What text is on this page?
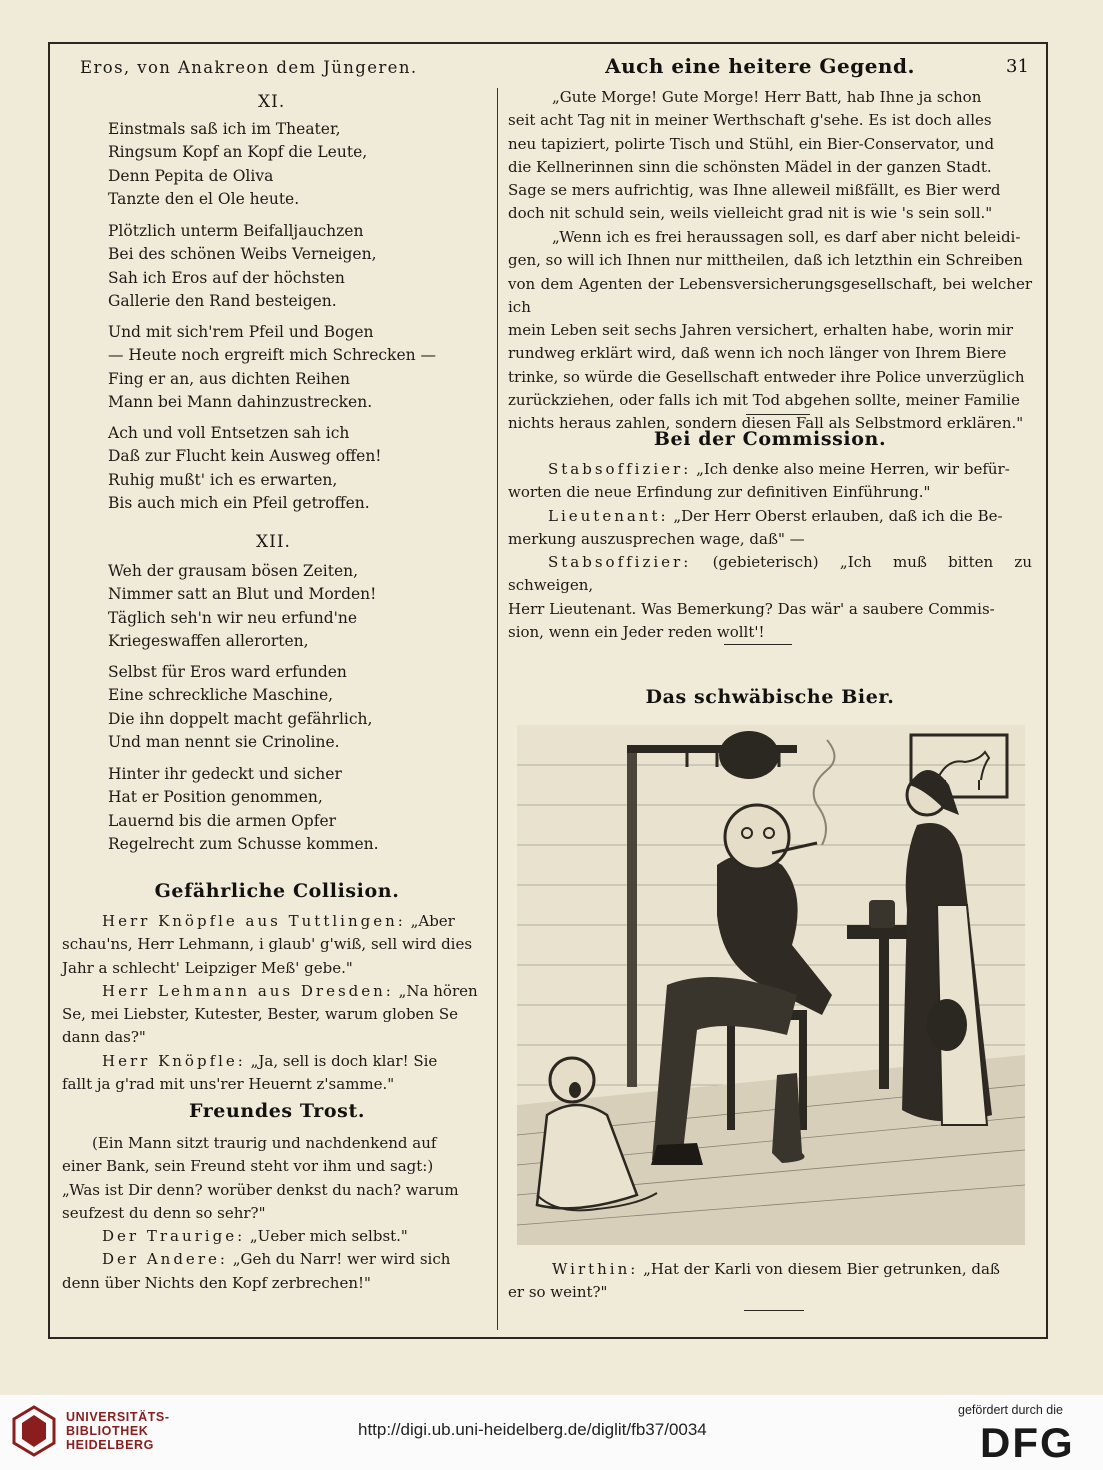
Eros, von Anakreon dem Jüngeren.	Auch eine heitere Gegend.	31
XI.
Einstmals saß ich im Theater,
Ringsum Kopf an Kopf die Leute,
Denn Pepita de Oliva
Tanzte den el Ole heute.
Plötzlich unterm Beifalljauchzen
Bei des schönen Weibs Verneigen,
Sah ich Eros auf der höchsten
Gallerie den Rand besteigen.
Und mit sich'rem Pfeil und Bogen
— Heute noch ergreift mich Schrecken —
Fing er an, aus dichten Reihen
Mann bei Mann dahinzustrecken.
Ach und voll Entsetzen sah ich
Daß zur Flucht kein Ausweg offen!
Ruhig mußt' ich es erwarten,
Bis auch mich ein Pfeil getroffen.
XII.
Weh der grausam bösen Zeiten,
Nimmer satt an Blut und Morden!
Täglich seh'n wir neu erfund'ne
Kriegeswaffen allerorten,
Selbst für Eros ward erfunden
Eine schreckliche Maschine,
Die ihn doppelt macht gefährlich,
Und man nennt sie Crinoline.
Hinter ihr gedeckt und sicher
Hat er Position genommen,
Lauernd bis die armen Opfer
Regelrecht zum Schusse kommen.
Gefährliche Collision.

Herr Knöpfle aus Tuttlingen: „Aber

schau'ns, Herr Lehmann, i glaub' g'wiß, sell wird dies

Jahr a schlecht' Leipziger Meß' gebe."

Herr Lehmann aus Dresden: „Na hören

Se, mei Liebster, Kutester, Bester, warum globen Se

dann das?"

Herr Knöpfle: „Ja, sell is doch klar! Sie

fallt ja g'rad mit uns'rer Heuernt z'samme."

Freundes Trost.

(Ein Mann sitzt traurig und nachdenkend auf

einer Bank, sein Freund steht vor ihm und sagt:)

„Was ist Dir denn? worüber denkst du nach? warum

seufzest du denn so sehr?"

Der Traurige: „Ueber mich selbst."

Der Andere: „Geh du Narr! wer wird sich

denn über Nichts den Kopf zerbrechen!"

„Gute Morge! Gute Morge! Herr Batt, hab Ihne ja schon

seit acht Tag nit in meiner Werthschaft g'sehe. Es ist doch alles

neu tapiziert, polirte Tisch und Stühl, ein Bier-Conservator, und

die Kellnerinnen sinn die schönsten Mädel in der ganzen Stadt.

Sage se mers aufrichtig, was Ihne alleweil mißfällt, es Bier werd

doch nit schuld sein, weils vielleicht grad nit is wie 's sein soll."

„Wenn ich es frei heraussagen soll, es darf aber nicht beleidi-

gen, so will ich Ihnen nur mittheilen, daß ich letzthin ein Schreiben

von dem Agenten der Lebensversicherungsgesellschaft, bei welcher ich

mein Leben seit sechs Jahren versichert, erhalten habe, worin mir

rundweg erklärt wird, daß wenn ich noch länger von Ihrem Biere

trinke, so würde die Gesellschaft entweder ihre Police unverzüglich

zurückziehen, oder falls ich mit Tod abgehen sollte, meiner Familie

nichts heraus zahlen, sondern diesen Fall als Selbstmord erklären."

Bei der Commission.

Stabsoffizier: „Ich denke also meine Herren, wir befür-

worten die neue Erfindung zur definitiven Einführung."

Lieutenant: „Der Herr Oberst erlauben, daß ich die Be-

merkung auszusprechen wage, daß" —

Stabsoffizier: (gebieterisch) „Ich muß bitten zu schweigen,

Herr Lieutenant. Was Bemerkung? Das wär' a saubere Commis-

sion, wenn ein Jeder reden wollt'!

Das schwäbische Bier.

Wirthin: „Hat der Karli von diesem Bier getrunken, daß

er so weint?"

UNIVERSITÄTS-
BIBLIOTHEK
HEIDELBERG
http://digi.ub.uni-heidelberg.de/diglit/fb37/0034
gefördert durch die
DFG
